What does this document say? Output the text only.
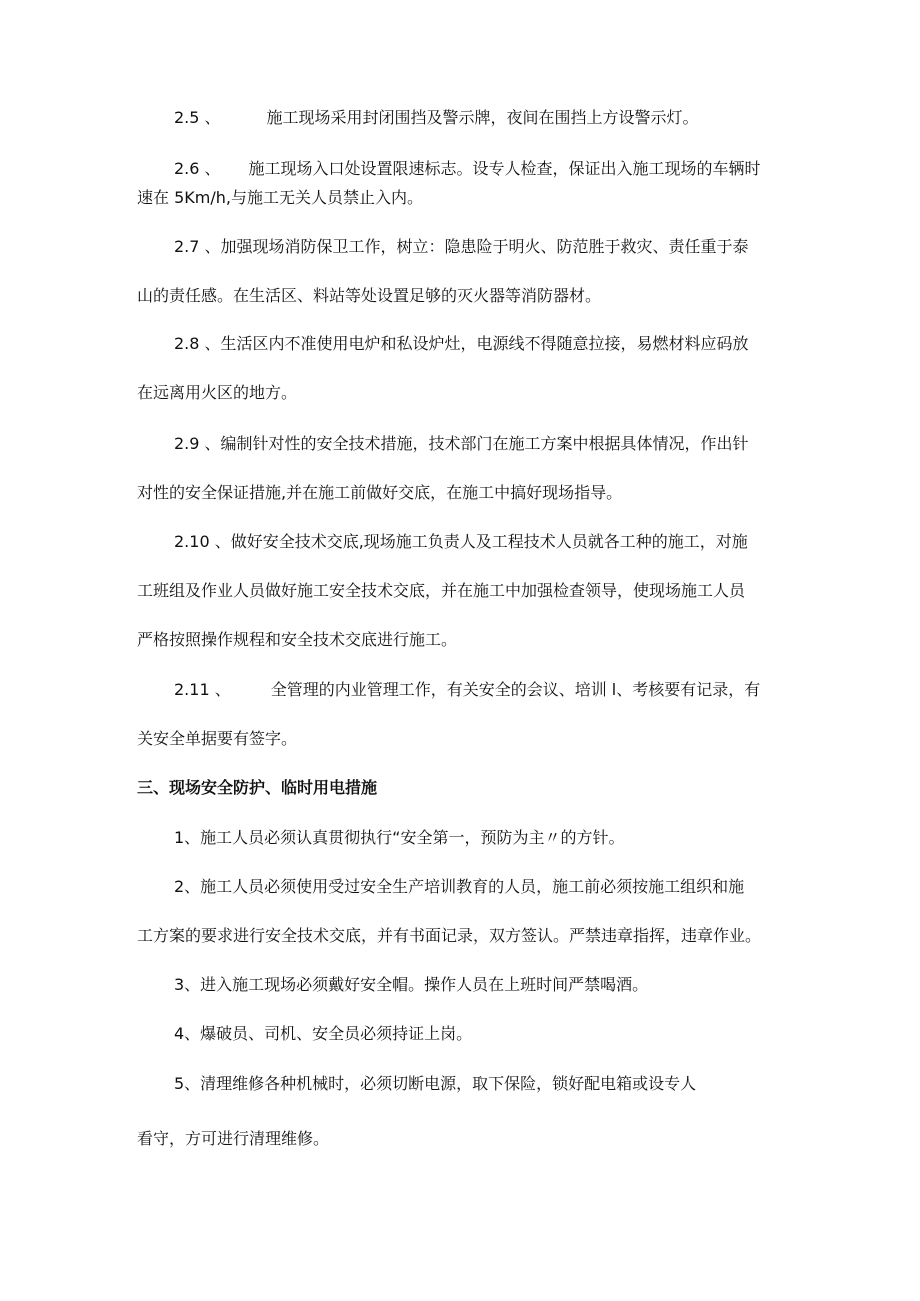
2.5 、	施工现场采用封闭围挡及警示牌，夜间在围挡上方设警示灯。
2.6 、 施工现场入口处设置限速标志。设专人检查，保证出入施工现场的车辆时
速在 5Km/h,与施工无关人员禁止入内。
2.7 、加强现场消防保卫工作，树立：隐患险于明火、防范胜于救灾、责任重于泰
山的责任感。在生活区、料站等处设置足够的灭火器等消防器材。
2.8 、生活区内不准使用电炉和私设炉灶，电源线不得随意拉接，易燃材料应码放
在远离用火区的地方。
2.9 、编制针对性的安全技术措施，技术部门在施工方案中根据具体情况，作出针
对性的安全保证措施,并在施工前做好交底，在施工中搞好现场指导。
2.10 、做好安全技术交底,现场施工负责人及工程技术人员就各工种的施工，对施
工班组及作业人员做好施工安全技术交底，并在施工中加强检查领导，使现场施工人员
严格按照操作规程和安全技术交底进行施工。
2.11 、	全管理的内业管理工作，有关安全的会议、培训 l、考核要有记录，有
关安全单据要有签字。
三、现场安全防护、临时用电措施
1、施工人员必须认真贯彻执行“安全第一，预防为主〃的方针。
2、施工人员必须使用受过安全生产培训教育的人员，施工前必须按施工组织和施
工方案的要求进行安全技术交底，并有书面记录，双方签认。严禁违章指挥，违章作业。
3、进入施工现场必须戴好安全帽。操作人员在上班时间严禁喝酒。
4、爆破员、司机、安全员必须持证上岗。
5、清理维修各种机械时，必须切断电源，取下保险，锁好配电箱或设专人
看守，方可进行清理维修。
